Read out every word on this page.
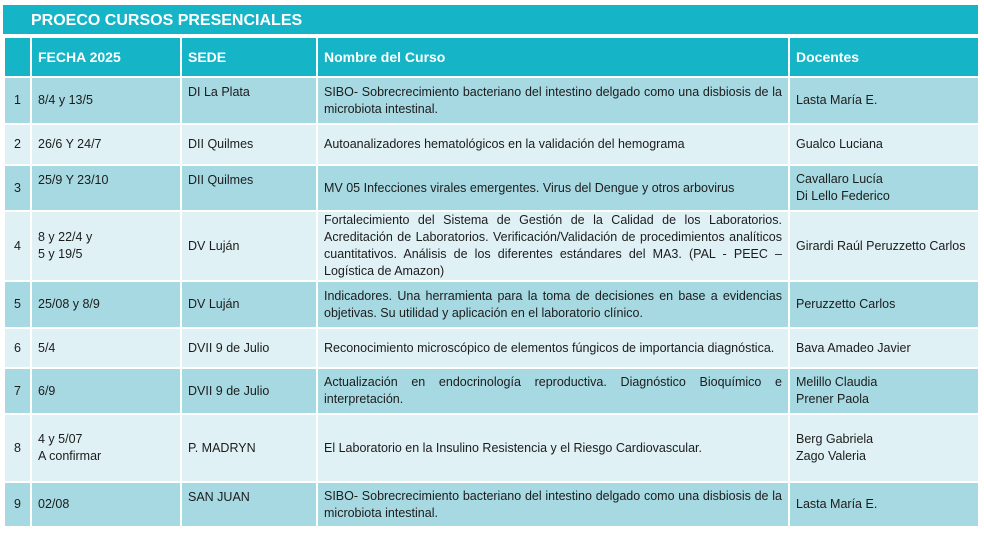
PROECO CURSOS PRESENCIALES
	FECHA 2025	SEDE	Nombre del Curso	Docentes
1	8/4 y 13/5	DI La Plata	SIBO- Sobrecrecimiento bacteriano del intestino delgado como una disbiosis de la microbiota intestinal.	Lasta María E.

2	26/6 Y 24/7	DII Quilmes	Autoanalizadores hematológicos en la validación del hemograma	Gualco Luciana

3	25/9 Y 23/10	DII Quilmes	MV 05 Infecciones virales emergentes. Virus del Dengue y otros arbovirus	Cavallaro Lucía
Di Lello Federico

4	8 y 22/4 y
5 y 19/5	DV Luján	Fortalecimiento del Sistema de Gestión de la Calidad de los Laboratorios. Acreditación de Laboratorios. Verificación/Validación de procedimientos analíticos cuantitativos. Análisis de los diferentes estándares del MA3. (PAL - PEEC – Logística de Amazon)	Girardi Raúl Peruzzetto Carlos

5	25/08 y 8/9	DV Luján	Indicadores. Una herramienta para la toma de decisiones en base a evidencias objetivas. Su utilidad y aplicación en el laboratorio clínico.	Peruzzetto Carlos

6	5/4	DVII 9 de Julio	Reconocimiento microscópico de elementos fúngicos de importancia diagnóstica.	Bava Amadeo Javier

7	6/9	DVII 9 de Julio	Actualización en endocrinología reproductiva. Diagnóstico Bioquímico e interpretación.	Melillo Claudia
Prener Paola

8	4 y 5/07
A confirmar	P. MADRYN	El Laboratorio en la Insulino Resistencia y el Riesgo Cardiovascular.	Berg Gabriela
Zago Valeria

9	02/08	SAN JUAN	SIBO- Sobrecrecimiento bacteriano del intestino delgado como una disbiosis de la microbiota intestinal.	Lasta María E.
